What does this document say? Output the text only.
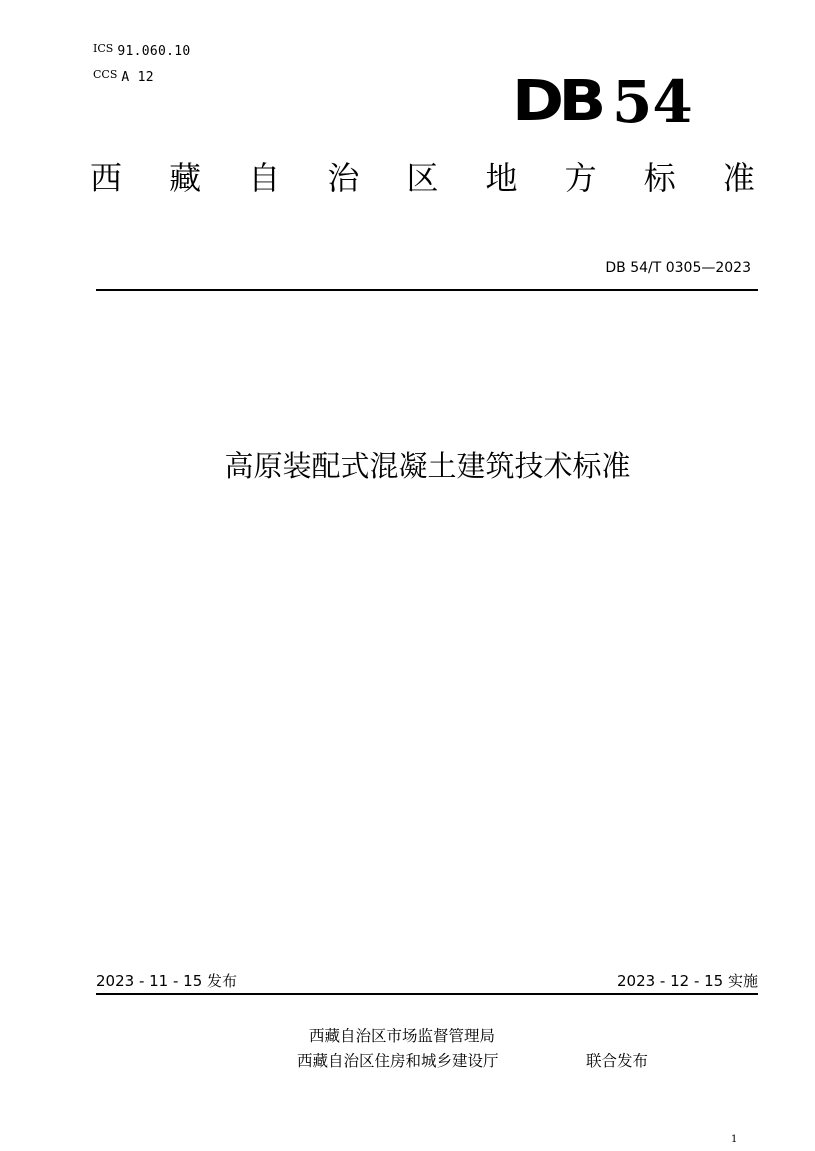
$^{ICS}$ 91.060.10
$^{CCS}$ A 12	DB 54
西 藏 自 治 区 地 方 标 准
DB 54/T 0305—2023
高原装配式混凝土建筑技术标准
2023 - 11 - 15 发布	2023 - 12 - 15 实施
西藏自治区市场监督管理局
西藏自治区住房和城乡建设厅	联合发布
1
